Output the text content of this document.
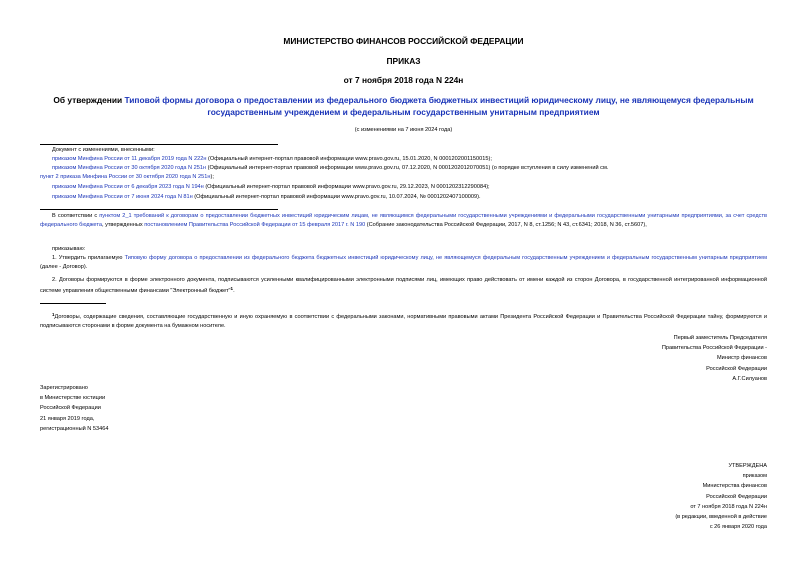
МИНИСТЕРСТВО ФИНАНСОВ РОССИЙСКОЙ ФЕДЕРАЦИИ
ПРИКАЗ
от 7 ноября 2018 года N 224н
Об утверждении Типовой формы договора о предоставлении из федерального бюджета бюджетных инвестиций юридическому лицу, не являющемуся федеральным государственным учреждением и федеральным государственным унитарным предприятием
(с изменениями на 7 июня 2024 года)
Документ с изменениями, внесенными:
приказом Минфина России от 11 декабря 2019 года N 222н (Официальный интернет-портал правовой информации www.pravo.gov.ru, 15.01.2020, N 0001202001150015);
приказом Минфина России от 30 октября 2020 года N 251н (Официальный интернет-портал правовой информации www.pravo.gov.ru, 07.12.2020, N 0001202012070051) (о порядке вступления в силу изменений см.
пункт 2 приказа Минфина России от 30 октября 2020 года N 251н);
приказом Минфина России от 6 декабря 2023 года N 194н (Официальный интернет-портал правовой информации www.pravo.gov.ru, 29.12.2023, N 0001202312290084);
приказом Минфина России от 7 июня 2024 года N 81н (Официальный интернет-портал правовой информации www.pravo.gov.ru, 10.07.2024, № 0001202407100009).
В соответствии с пунктом 2_1 требований к договорам о предоставлении бюджетных инвестиций юридическим лицам, не являющимся федеральными государственными учреждениями и федеральными государственными унитарными предприятиями, за счет средств федерального бюджета, утвержденных постановлением Правительства Российской Федерации от 15 февраля 2017 г. N 190 (Собрание законодательства Российской Федерации, 2017, N 8, ст.1256; N 43, ст.6341; 2018, N 36, ст.5607),
приказываю:
1. Утвердить прилагаемую Типовую форму договора о предоставлении из федерального бюджета бюджетных инвестиций юридическому лицу, не являющемуся федеральным государственным учреждением и федеральным государственным унитарным предприятием (далее - Договор).
2. Договоры формируются в форме электронного документа, подписываются усиленными квалифицированными электронными подписями лиц, имеющих право действовать от имени каждой из сторон Договора, в государственной интегрированной информационной системе управления общественными финансами "Электронный бюджет"$^1$.
$^1$Договоры, содержащие сведения, составляющие государственную и иную охраняемую в соответствии с федеральными законами, нормативными правовыми актами Президента Российской Федерации и Правительства Российской Федерации тайну, формируются и подписываются сторонами в форме документа на бумажном носителе.
Первый заместитель Председателя
Правительства Российской Федерации -
Министр финансов
Российской Федерации
А.Г.Силуанов
Зарегистрировано
в Министерстве юстиции
Российской Федерации
21 января 2019 года,
регистрационный N 53464
УТВЕРЖДЕНА
приказом
Министерства финансов
Российской Федерации
от 7 ноября 2018 года N 224н
(в редакции, введенной в действие
с 26 января 2020 года
